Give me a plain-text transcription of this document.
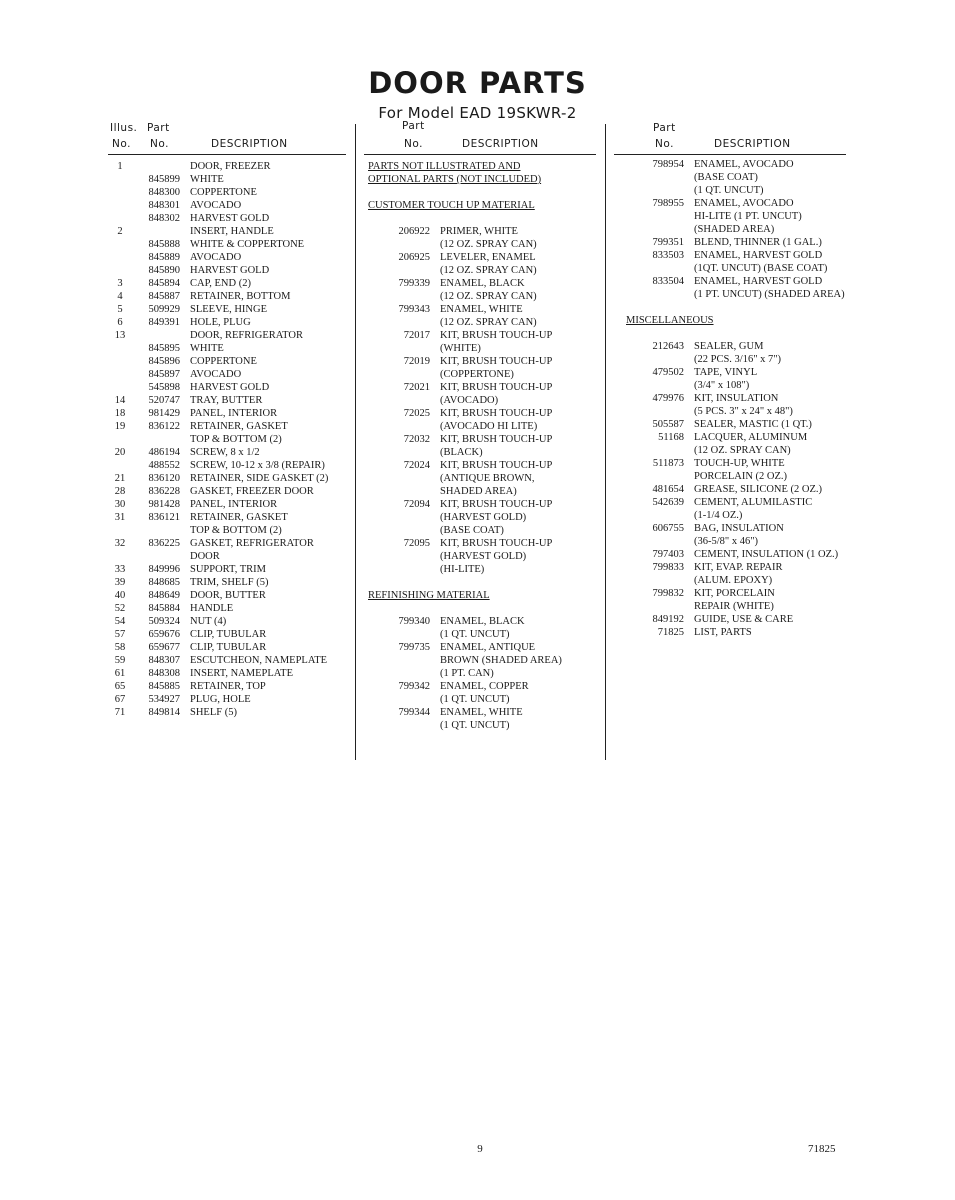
DOOR PARTS
For Model EAD 19SKWR-2
Illus. Part
No. No.	DESCRIPTION
Part
No.	DESCRIPTION
Part
No.	DESCRIPTION
1	DOOR, FREEZER
845899 WHITE
848300 COPPERTONE
848301 AVOCADO
848302 HARVEST GOLD
2	INSERT, HANDLE
845888 WHITE & COPPERTONE
845889 AVOCADO
845890 HARVEST GOLD
3	845894 CAP, END (2)
4	845887 RETAINER, BOTTOM
5	509929 SLEEVE, HINGE
6	849391 HOLE, PLUG
13	DOOR, REFRIGERATOR
845895 WHITE
845896 COPPERTONE
845897 AVOCADO
545898 HARVEST GOLD
14	520747 TRAY, BUTTER
18	981429 PANEL, INTERIOR
19	836122 RETAINER, GASKET
TOP & BOTTOM (2)
20	486194 SCREW, 8 x 1/2
488552 SCREW, 10-12 x 3/8 (REPAIR)
21	836120 RETAINER, SIDE GASKET (2)
28	836228 GASKET, FREEZER DOOR
30	981428 PANEL, INTERIOR
31	836121 RETAINER, GASKET
TOP & BOTTOM (2)
32	836225 GASKET, REFRIGERATOR
DOOR
33	849996 SUPPORT, TRIM
39	848685 TRIM, SHELF (5)
40	848649 DOOR, BUTTER
52	845884 HANDLE
54	509324 NUT (4)
57	659676 CLIP, TUBULAR
58	659677 CLIP, TUBULAR
59	848307 ESCUTCHEON, NAMEPLATE
61	848308 INSERT, NAMEPLATE
65	845885 RETAINER, TOP
67	534927 PLUG, HOLE
71	849814 SHELF (5)
PARTS NOT ILLUSTRATED AND
OPTIONAL PARTS (NOT INCLUDED)
CUSTOMER TOUCH UP MATERIAL
206922 PRIMER, WHITE
(12 OZ. SPRAY CAN)
206925 LEVELER, ENAMEL
(12 OZ. SPRAY CAN)
799339 ENAMEL, BLACK
(12 OZ. SPRAY CAN)
799343 ENAMEL, WHITE
(12 OZ. SPRAY CAN)
72017 KIT, BRUSH TOUCH-UP
(WHITE)
72019 KIT, BRUSH TOUCH-UP
(COPPERTONE)
72021 KIT, BRUSH TOUCH-UP
(AVOCADO)
72025 KIT, BRUSH TOUCH-UP
(AVOCADO HI LITE)
72032 KIT, BRUSH TOUCH-UP
(BLACK)
72024 KIT, BRUSH TOUCH-UP
(ANTIQUE BROWN,
SHADED AREA)
72094 KIT, BRUSH TOUCH-UP
(HARVEST GOLD)
(BASE COAT)
72095 KIT, BRUSH TOUCH-UP
(HARVEST GOLD)
(HI-LITE)
REFINISHING MATERIAL
799340 ENAMEL, BLACK
(1 QT. UNCUT)
799735 ENAMEL, ANTIQUE
BROWN (SHADED AREA)
(1 PT. CAN)
799342 ENAMEL, COPPER
(1 QT. UNCUT)
799344 ENAMEL, WHITE
(1 QT. UNCUT)
798954 ENAMEL, AVOCADO
(BASE COAT)
(1 QT. UNCUT)
798955 ENAMEL, AVOCADO
HI-LITE (1 PT. UNCUT)
(SHADED AREA)
799351 BLEND, THINNER (1 GAL.)
833503 ENAMEL, HARVEST GOLD
(1QT. UNCUT) (BASE COAT)
833504 ENAMEL, HARVEST GOLD
(1 PT. UNCUT) (SHADED AREA)
MISCELLANEOUS
212643 SEALER, GUM
(22 PCS. 3/16" x 7")
479502 TAPE, VINYL
(3/4" x 108")
479976 KIT, INSULATION
(5 PCS. 3" x 24" x 48")
505587 SEALER, MASTIC (1 QT.)
51168 LACQUER, ALUMINUM
(12 OZ. SPRAY CAN)
511873 TOUCH-UP, WHITE
PORCELAIN (2 OZ.)
481654 GREASE, SILICONE (2 OZ.)
542639 CEMENT, ALUMILASTIC
(1-1/4 OZ.)
606755 BAG, INSULATION
(36-5/8" x 46")
797403 CEMENT, INSULATION (1 OZ.)
799833 KIT, EVAP. REPAIR
(ALUM. EPOXY)
799832 KIT, PORCELAIN
REPAIR (WHITE)
849192 GUIDE, USE & CARE
71825 LIST, PARTS
9	71825
